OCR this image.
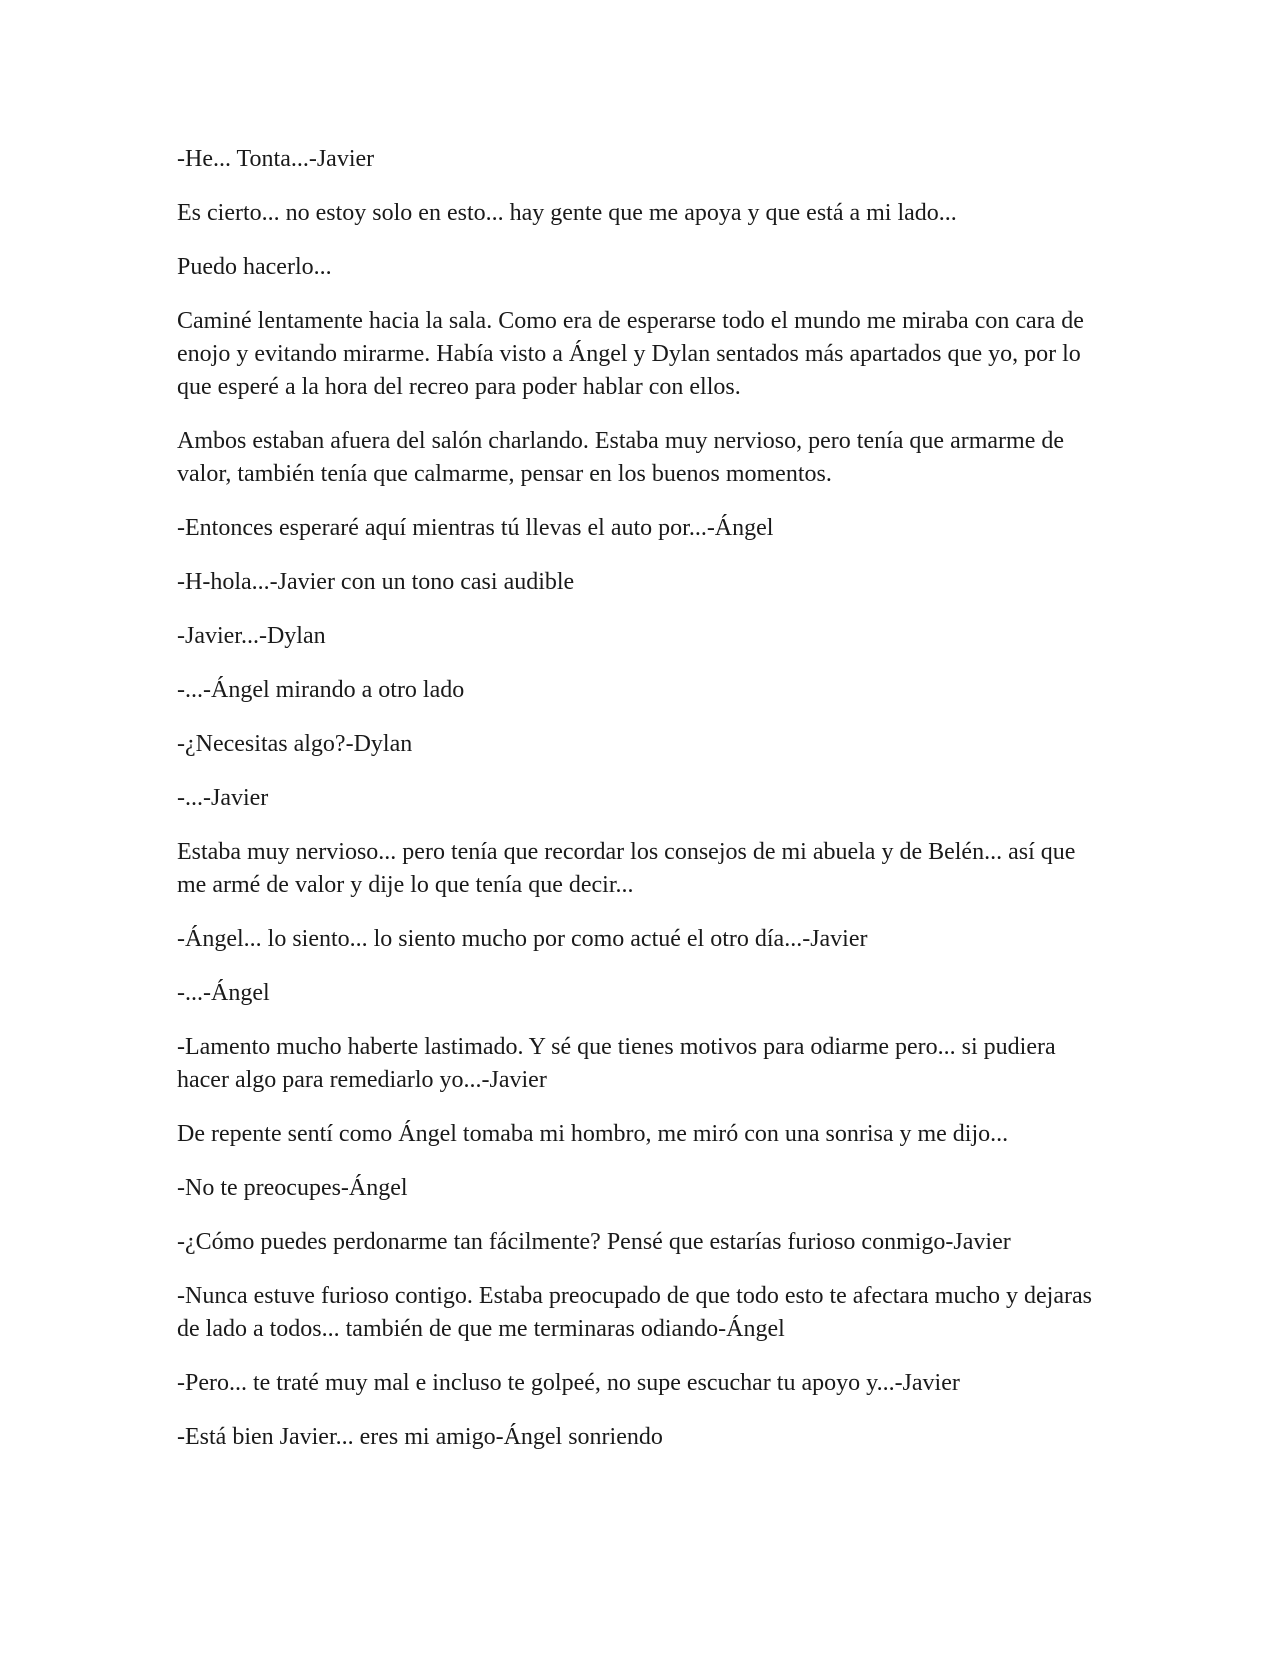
-He... Tonta...-Javier

Es cierto... no estoy solo en esto... hay gente que me apoya y que está a mi lado...

Puedo hacerlo...

Caminé lentamente hacia la sala. Como era de esperarse todo el mundo me miraba con cara de enojo y evitando mirarme. Había visto a Ángel y Dylan sentados más apartados que yo, por lo que esperé a la hora del recreo para poder hablar con ellos.

Ambos estaban afuera del salón charlando. Estaba muy nervioso, pero tenía que armarme de valor, también tenía que calmarme, pensar en los buenos momentos.

-Entonces esperaré aquí mientras tú llevas el auto por...-Ángel

-H-hola...-Javier con un tono casi audible

-Javier...-Dylan

-...-Ángel mirando a otro lado

-¿Necesitas algo?-Dylan

-...-Javier

Estaba muy nervioso... pero tenía que recordar los consejos de mi abuela y de Belén... así que me armé de valor y dije lo que tenía que decir...

-Ángel... lo siento... lo siento mucho por como actué el otro día...-Javier

-...-Ángel

-Lamento mucho haberte lastimado. Y sé que tienes motivos para odiarme pero... si pudiera hacer algo para remediarlo yo...-Javier

De repente sentí como Ángel tomaba mi hombro, me miró con una sonrisa y me dijo...

-No te preocupes-Ángel

-¿Cómo puedes perdonarme tan fácilmente? Pensé que estarías furioso conmigo-Javier

-Nunca estuve furioso contigo. Estaba preocupado de que todo esto te afectara mucho y dejaras de lado a todos... también de que me terminaras odiando-Ángel

-Pero... te traté muy mal e incluso te golpeé, no supe escuchar tu apoyo y...-Javier

-Está bien Javier... eres mi amigo-Ángel sonriendo
